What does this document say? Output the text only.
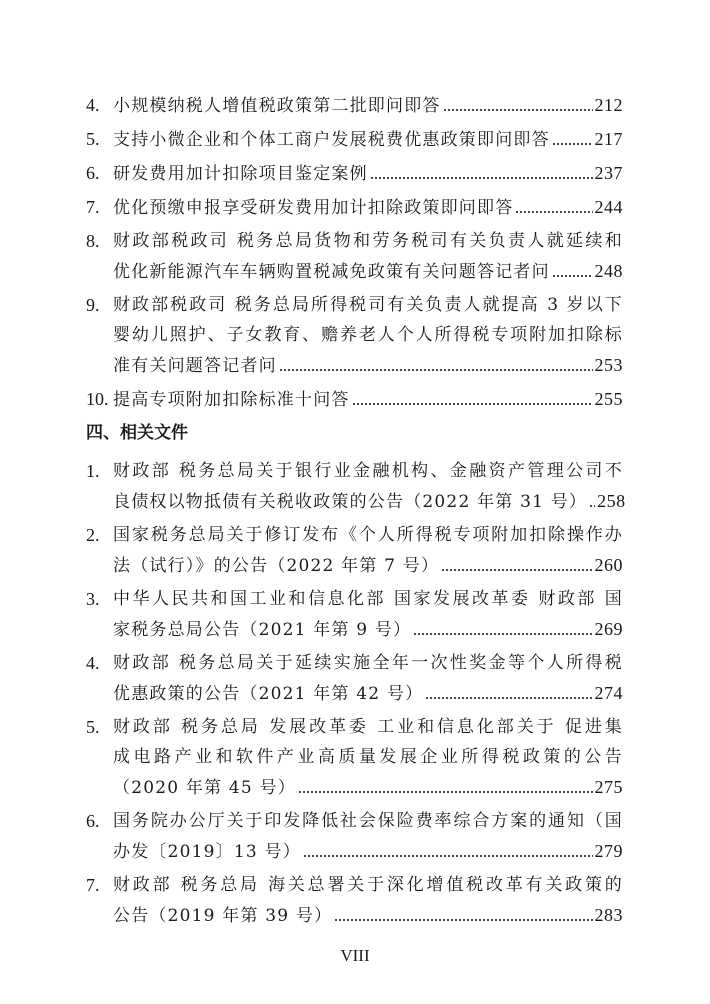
4. 小规模纳税人增值税政策第二批即问即答	212
5. 支持小微企业和个体工商户发展税费优惠政策即问即答 217
6. 研发费用加计扣除项目鉴定案例	237
7. 优化预缴申报享受研发费用加计扣除政策即问即答	244
8. 财政部税政司 税务总局货物和劳务税司有关负责人就延续和
优化新能源汽车车辆购置税减免政策有关问题答记者问 248
9. 财政部税政司 税务总局所得税司有关负责人就提高 3 岁以下
婴幼儿照护、子女教育、赡养老人个人所得税专项附加扣除标
准有关问题答记者问	253
10. 提高专项附加扣除标准十问答	255
四、相关文件
1. 财政部 税务总局关于银行业金融机构、金融资产管理公司不
良债权以物抵债有关税收政策的公告（2022 年第 31 号） 258
2. 国家税务总局关于修订发布《个人所得税专项附加扣除操作办
法（试行）》的公告（2022 年第 7 号）	260
3. 中华人民共和国工业和信息化部 国家发展改革委 财政部 国
家税务总局公告（2021 年第 9 号）	269
4. 财政部 税务总局关于延续实施全年一次性奖金等个人所得税
优惠政策的公告（2021 年第 42 号）	274
5. 财政部 税务总局 发展改革委 工业和信息化部关于 促进集
成电路产业和软件产业高质量发展企业所得税政策的公告
（2020 年第 45 号）	275
6. 国务院办公厅关于印发降低社会保险费率综合方案的通知（国
办发〔2019〕13 号）	279
7. 财政部 税务总局 海关总署关于深化增值税改革有关政策的
公告（2019 年第 39 号）	283
VIII
